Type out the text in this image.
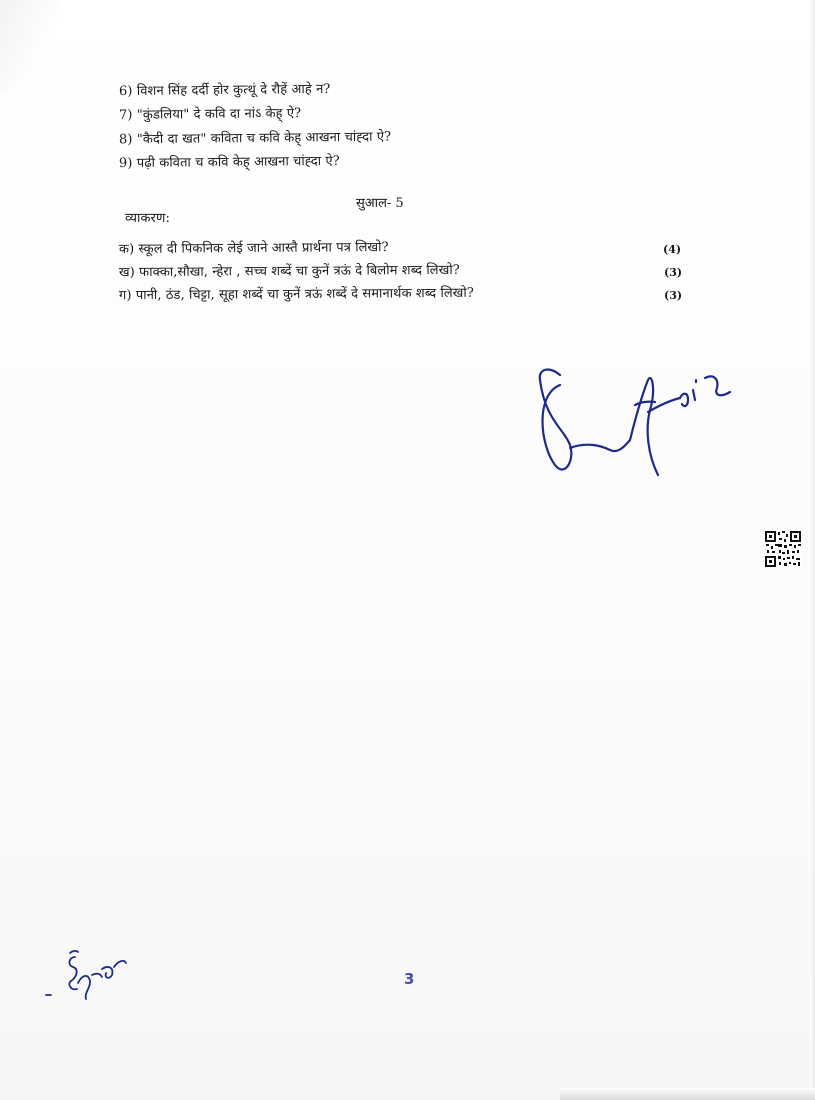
6) विशन सिंह दर्दी होर कुत्थूं दे रौहें आहे न?
7) "कुंडलिया" दे कवि दा नांऽ केह् ऐ?
8) "कैदी दा खत" कविता च कवि केह् आखना चांह्दा ऐ?
9) पढ़ी कविता च कवि केह् आखना चांह्दा ऐ?
सुआल- 5
व्याकरण:
क) स्कूल दी पिकनिक लेई जाने आस्तै प्रार्थना पत्र लिखो?	(4)
ख) फाक्का,सौखा, न्हेरा , सच्च शब्दें चा कुनें त्रऊं दे बिलोम शब्द लिखो?	(3)
ग) पानी, ठंड, चिट्टा, सूहा शब्दें चा कुनें त्रऊं शब्दें दे समानार्थक शब्द लिखो?	(3)
3
